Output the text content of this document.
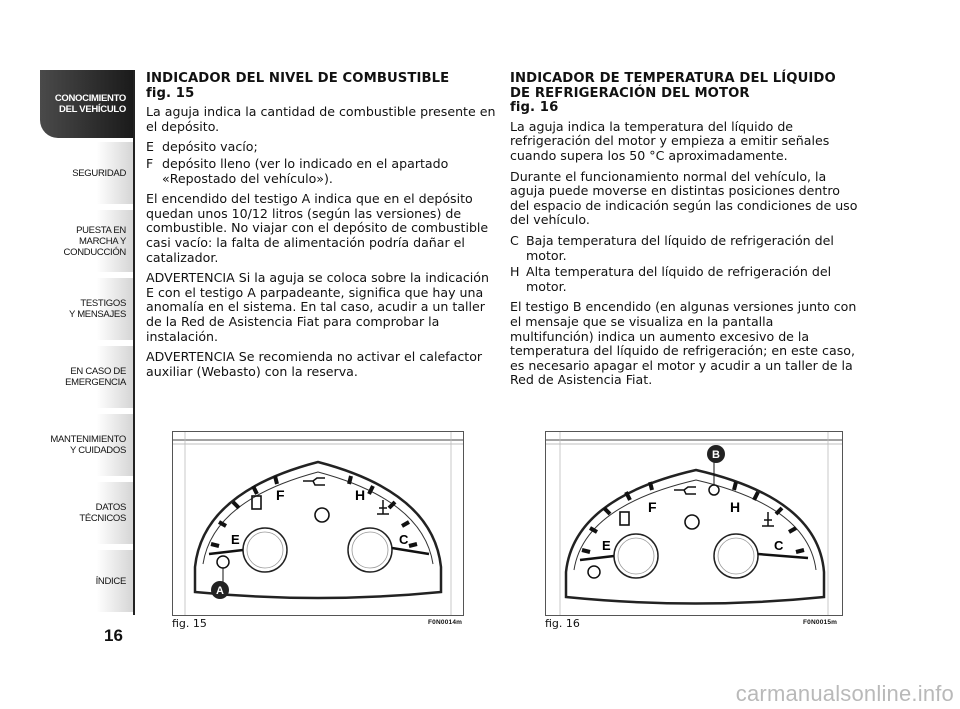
CONOCIMIENTO
DEL VEHÍCULO
SEGURIDAD
PUESTA EN
MARCHA Y
CONDUCCIÓN
TESTIGOS
Y MENSAJES
EN CASO DE
EMERGENCIA
MANTENIMIENTO
Y CUIDADOS
DATOS
TÉCNICOS
ÍNDICE
16
INDICADOR DEL NIVEL DE COMBUSTIBLE
fig. 15

La aguja indica la cantidad de combustible presente en el depósito.

E depósito vacío;
F depósito lleno (ver lo indicado en el apartado «Repostado del vehículo»).

El encendido del testigo A indica que en el depósito quedan unos 10/12 litros (según las versiones) de combustible. No viajar con el depósito de combustible casi vacío: la falta de alimentación podría dañar el catalizador.

ADVERTENCIA Si la aguja se coloca sobre la indicación E con el testigo A parpadeante, significa que hay una anomalía en el sistema. En tal caso, acudir a un taller de la Red de Asistencia Fiat para comprobar la instalación.

ADVERTENCIA Se recomienda no activar el calefactor auxiliar (Webasto) con la reserva.

INDICADOR DE TEMPERATURA DEL LÍQUIDO DE REFRIGERACIÓN DEL MOTOR
fig. 16

La aguja indica la temperatura del líquido de refrigeración del motor y empieza a emitir señales cuando supera los 50 °C aproximadamente.

Durante el funcionamiento normal del vehículo, la aguja puede moverse en distintas posiciones dentro del espacio de indicación según las condiciones de uso del vehículo.

C Baja temperatura del líquido de refrigeración del motor.
H Alta temperatura del líquido de refrigeración del motor.

El testigo B encendido (en algunas versiones junto con el mensaje que se visualiza en la pantalla multifunción) indica un aumento excesivo de la temperatura del líquido de refrigeración; en este caso, es necesario apagar el motor y acudir a un taller de la Red de Asistencia Fiat.

E
F	H
C
A
fig. 15	F0N0014m
E
F	H
C
B
fig. 16	F0N0015m
carmanualsonline.info
